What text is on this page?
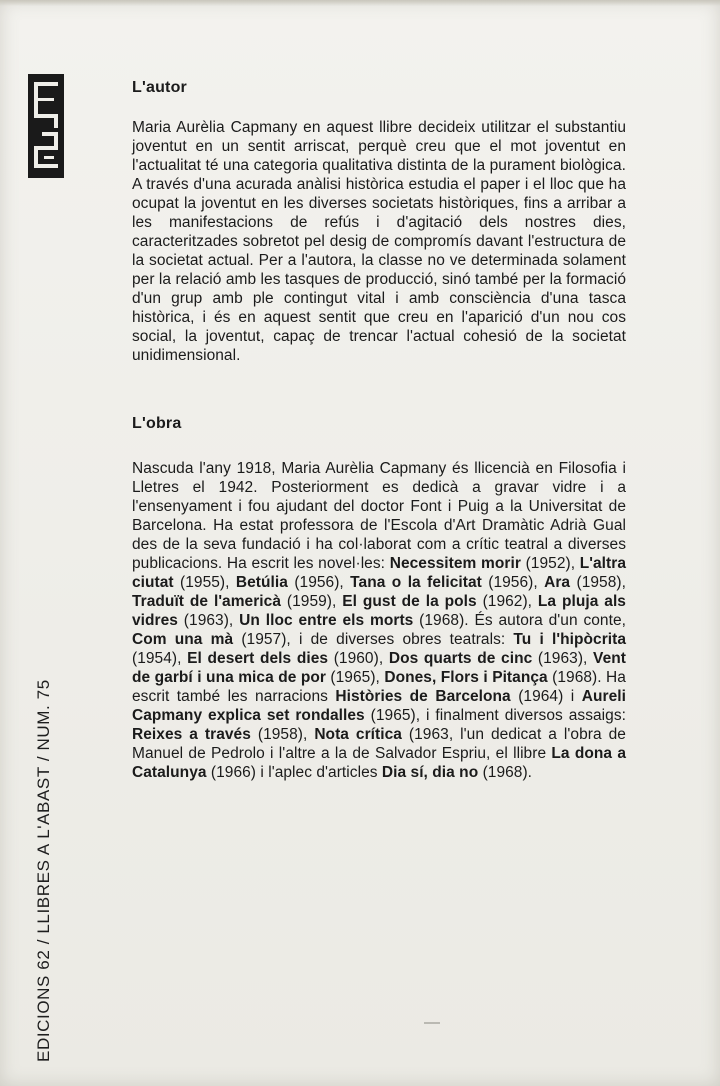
EDICIONS 62 / LLIBRES A L'ABAST / NUM. 75
L'autor

Maria Aurèlia Capmany en aquest llibre decideix utilitzar el substantiu joventut en un sentit arriscat, perquè creu que el mot joventut en l'actualitat té una categoria qualitativa distinta de la purament biològica. A través d'una acurada anàlisi històrica estudia el paper i el lloc que ha ocupat la joventut en les diverses societats històriques, fins a arribar a les manifestacions de refús i d'agitació dels nostres dies, caracteritzades sobretot pel desig de compromís davant l'estructura de la societat actual. Per a l'autora, la classe no ve determinada solament per la relació amb les tasques de producció, sinó també per la formació d'un grup amb ple contingut vital i amb consciència d'una tasca històrica, i és en aquest sentit que creu en l'aparició d'un nou cos social, la joventut, capaç de trencar l'actual cohesió de la societat unidimensional.

L'obra

Nascuda l'any 1918, Maria Aurèlia Capmany és llicencià en Filosofia i Lletres el 1942. Posteriorment es dedicà a gravar vidre i a l'ensenyament i fou ajudant del doctor Font i Puig a la Universitat de Barcelona. Ha estat professora de l'Escola d'Art Dramàtic Adrià Gual des de la seva fundació i ha col·laborat com a crític teatral a diverses publicacions. Ha escrit les novel·les: Necessitem morir (1952), L'altra ciutat (1955), Betúlia (1956), Tana o la felicitat (1956), Ara (1958), Traduït de l'americà (1959), El gust de la pols (1962), La pluja als vidres (1963), Un lloc entre els morts (1968). És autora d'un conte, Com una mà (1957), i de diverses obres teatrals: Tu i l'hipòcrita (1954), El desert dels dies (1960), Dos quarts de cinc (1963), Vent de garbí i una mica de por (1965), Dones, Flors i Pitança (1968). Ha escrit també les narracions Històries de Barcelona (1964) i Aureli Capmany explica set rondalles (1965), i finalment diversos assaigs: Reixes a través (1958), Nota crítica (1963, l'un dedicat a l'obra de Manuel de Pedrolo i l'altre a la de Salvador Espriu, el llibre La dona a Catalunya (1966) i l'aplec d'articles Dia sí, dia no (1968).
